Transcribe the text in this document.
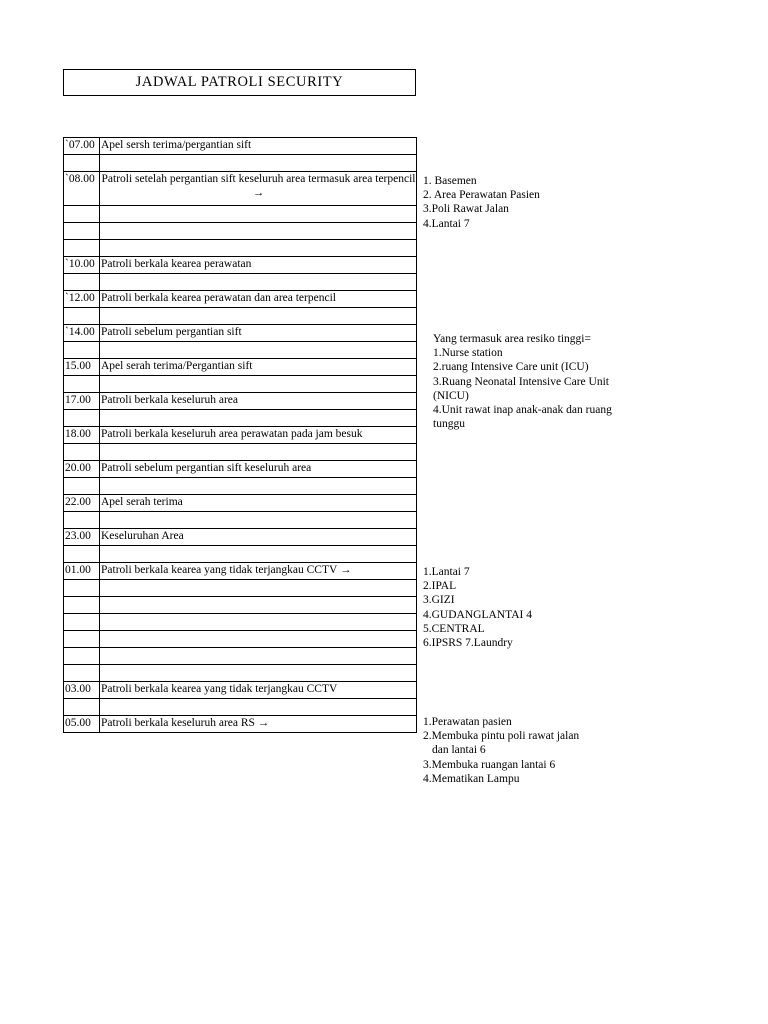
JADWAL PATROLI SECURITY
`07.00	Apel sersh terima/pergantian sift

`08.00	Patroli setelah pergantian sift keseluruh area termasuk area terpencil →

`10.00	Patroli berkala kearea perawatan

`12.00	Patroli berkala kearea perawatan dan area terpencil

`14.00	Patroli sebelum pergantian sift

15.00	Apel serah terima/Pergantian sift

17.00	Patroli berkala keseluruh area

18.00	Patroli berkala keseluruh area perawatan pada jam besuk

20.00	Patroli sebelum pergantian sift keseluruh area

22.00	Apel serah terima

23.00	Keseluruhan Area

01.00	Patroli berkala kearea yang tidak terjangkau CCTV →

03.00	Patroli berkala kearea yang tidak terjangkau CCTV

05.00	Patroli berkala keseluruh area RS →
1. Basemen
2. Area Perawatan Pasien
3.Poli Rawat Jalan
4.Lantai 7
Yang termasuk area resiko tinggi=
1.Nurse station
2.ruang Intensive Care unit (ICU)
3.Ruang Neonatal Intensive Care Unit
(NICU)
4.Unit rawat inap anak-anak dan ruang
tunggu
1.Lantai 7
2.IPAL
3.GIZI
4.GUDANGLANTAI 4
5.CENTRAL
6.IPSRS 7.Laundry
1.Perawatan pasien
2.Membuka pintu poli rawat jalan
dan lantai 6
3.Membuka ruangan lantai 6
4.Mematikan Lampu
